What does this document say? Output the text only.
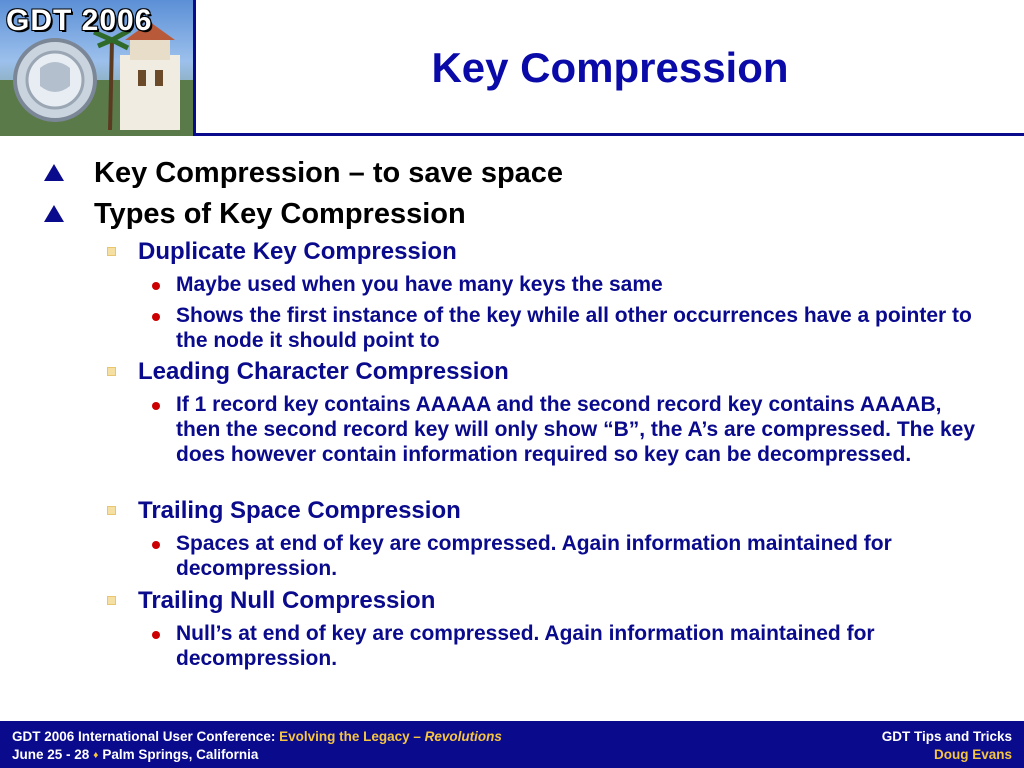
GDT 2006
Key Compression
Key Compression – to save space
Types of Key Compression
Duplicate Key Compression
Maybe used when you have many keys the same
Shows the first instance of the key while all other occurrences have a pointer to the node it should point to
Leading Character Compression
If 1 record key contains AAAAA and the second record key contains AAAAB, then the second record key will only show “B”, the A’s are compressed. The key does however contain information required so key can be decompressed.
Trailing Space Compression
Spaces at end of key are compressed. Again information maintained for decompression.
Trailing Null Compression
Null’s at end of key are compressed. Again information maintained for decompression.
GDT 2006 International User Conference: Evolving the Legacy – Revolutions
June 25 - 28 ♦ Palm Springs, California
GDT Tips and Tricks
Doug Evans
